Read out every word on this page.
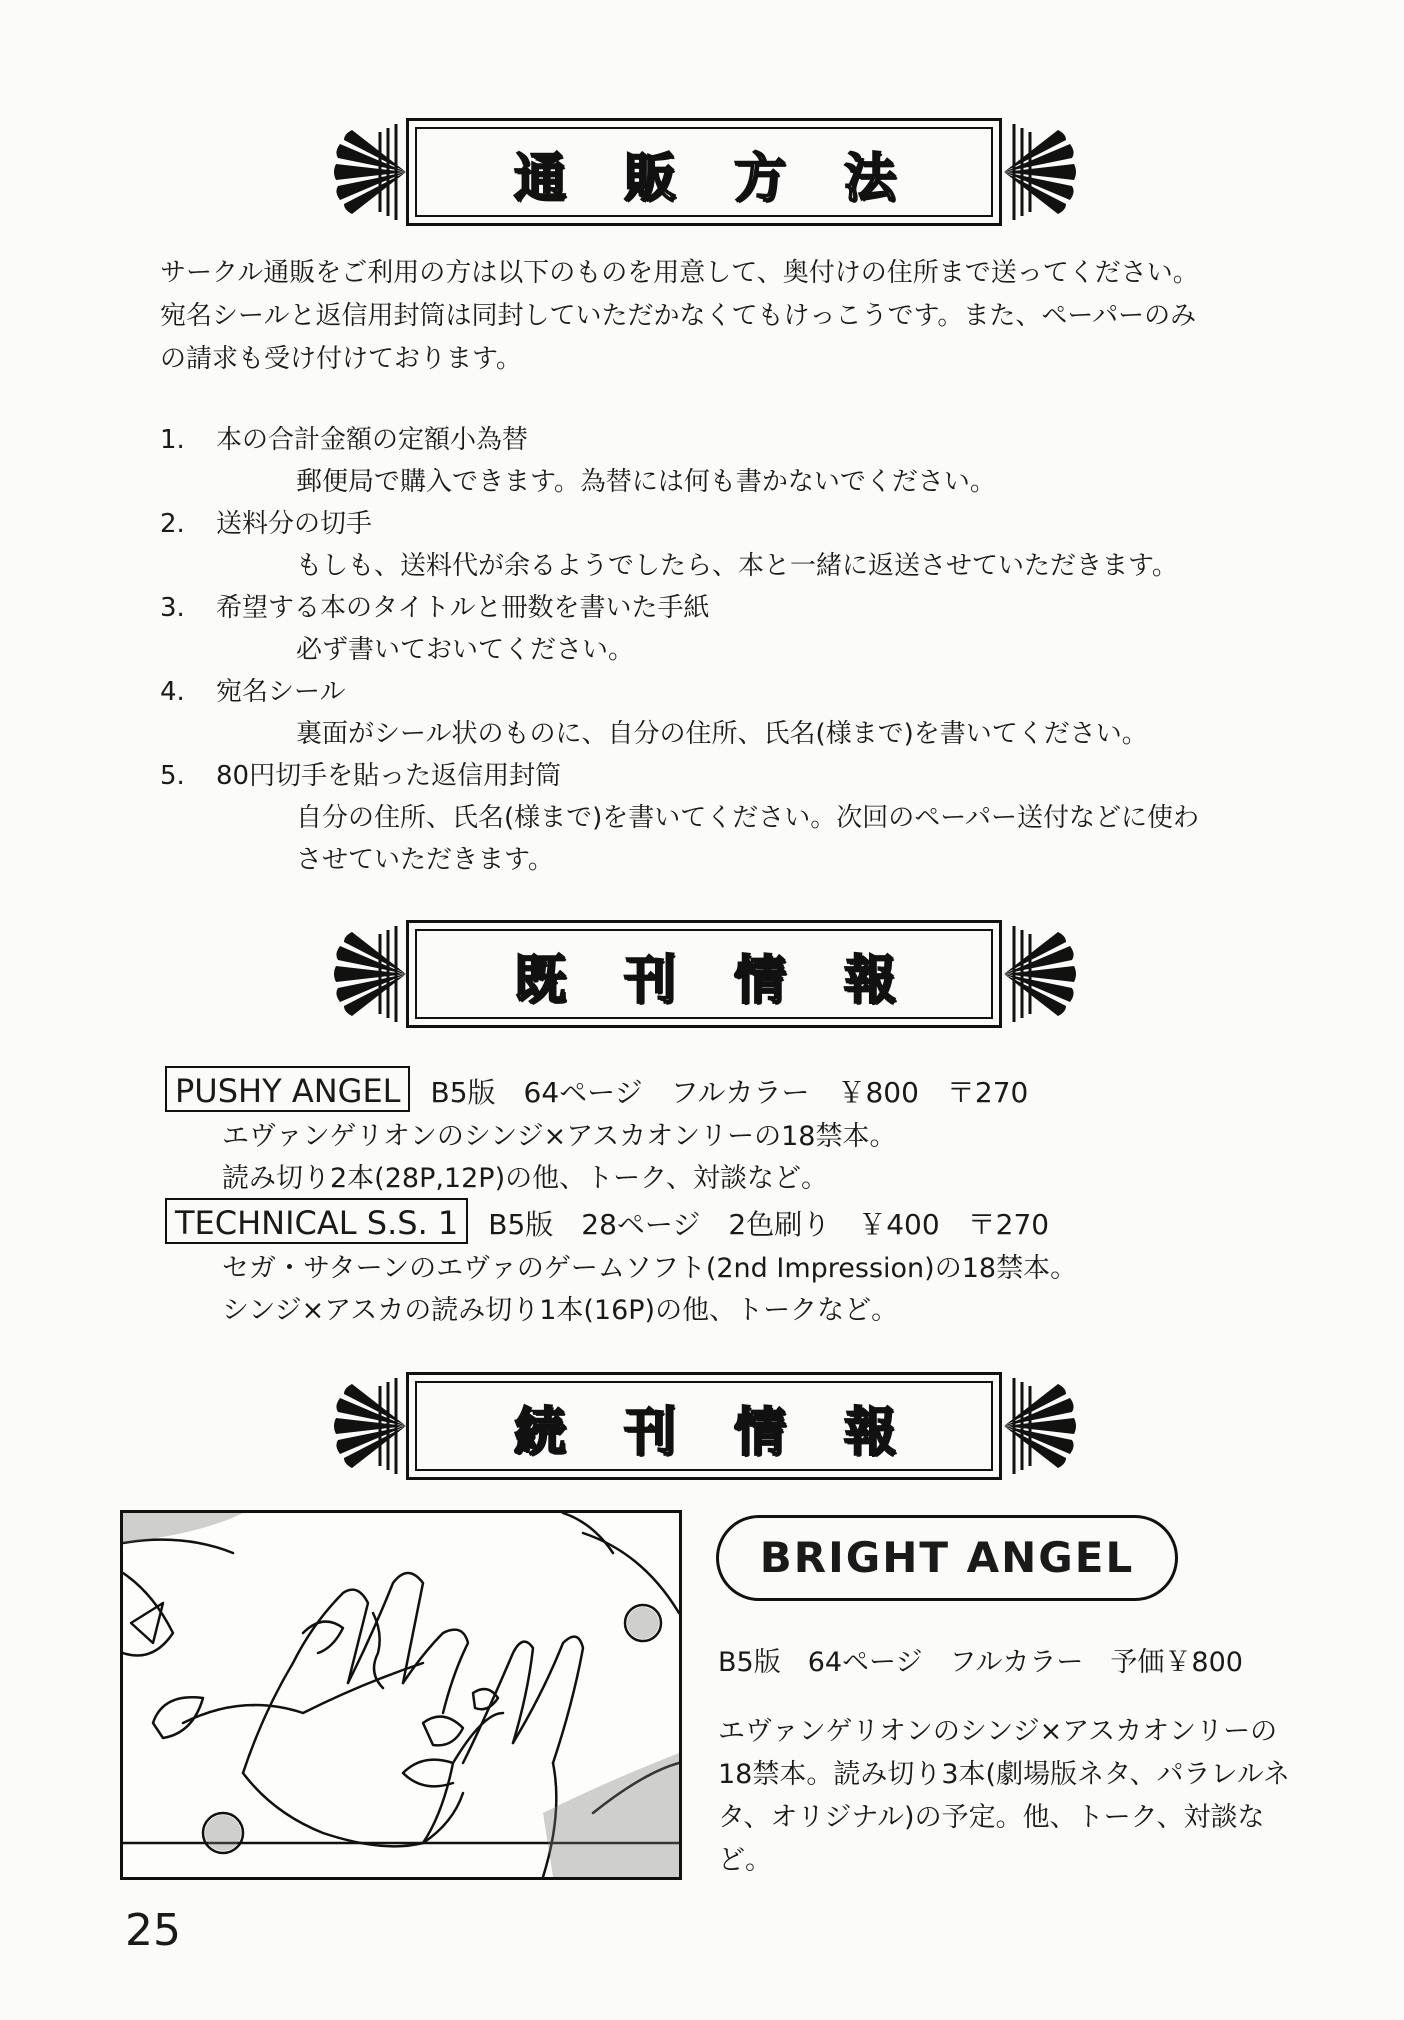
通販方法
サークル通販をご利用の方は以下のものを用意して、奥付けの住所まで送ってください。
宛名シールと返信用封筒は同封していただかなくてもけっこうです。また、ペーパーのみ
の請求も受け付けております。
1. 本の合計金額の定額小為替
郵便局で購入できます。為替には何も書かないでください。
2. 送料分の切手
もしも、送料代が余るようでしたら、本と一緒に返送させていただきます。
3. 希望する本のタイトルと冊数を書いた手紙
必ず書いておいてください。
4. 宛名シール
裏面がシール状のものに、自分の住所、氏名(様まで)を書いてください。
5. 80円切手を貼った返信用封筒
自分の住所、氏名(様まで)を書いてください。次回のペーパー送付などに使わ
させていただきます。
既刊情報
PUSHY ANGEL B5版　64ページ　フルカラー　￥800　〒270
エヴァンゲリオンのシンジ×アスカオンリーの18禁本。
読み切り2本(28P,12P)の他、トーク、対談など。
TECHNICAL S.S. 1 B5版　28ページ　2色刷り　￥400　〒270
セガ・サターンのエヴァのゲームソフト(2nd Impression)の18禁本。
シンジ×アスカの読み切り1本(16P)の他、トークなど。
続刊情報
BRIGHT ANGEL
B5版　64ページ　フルカラー　予価￥800
エヴァンゲリオンのシンジ×アスカオンリーの18禁本。読み切り3本(劇場版ネタ、パラレルネタ、オリジナル)の予定。他、トーク、対談など。
25
